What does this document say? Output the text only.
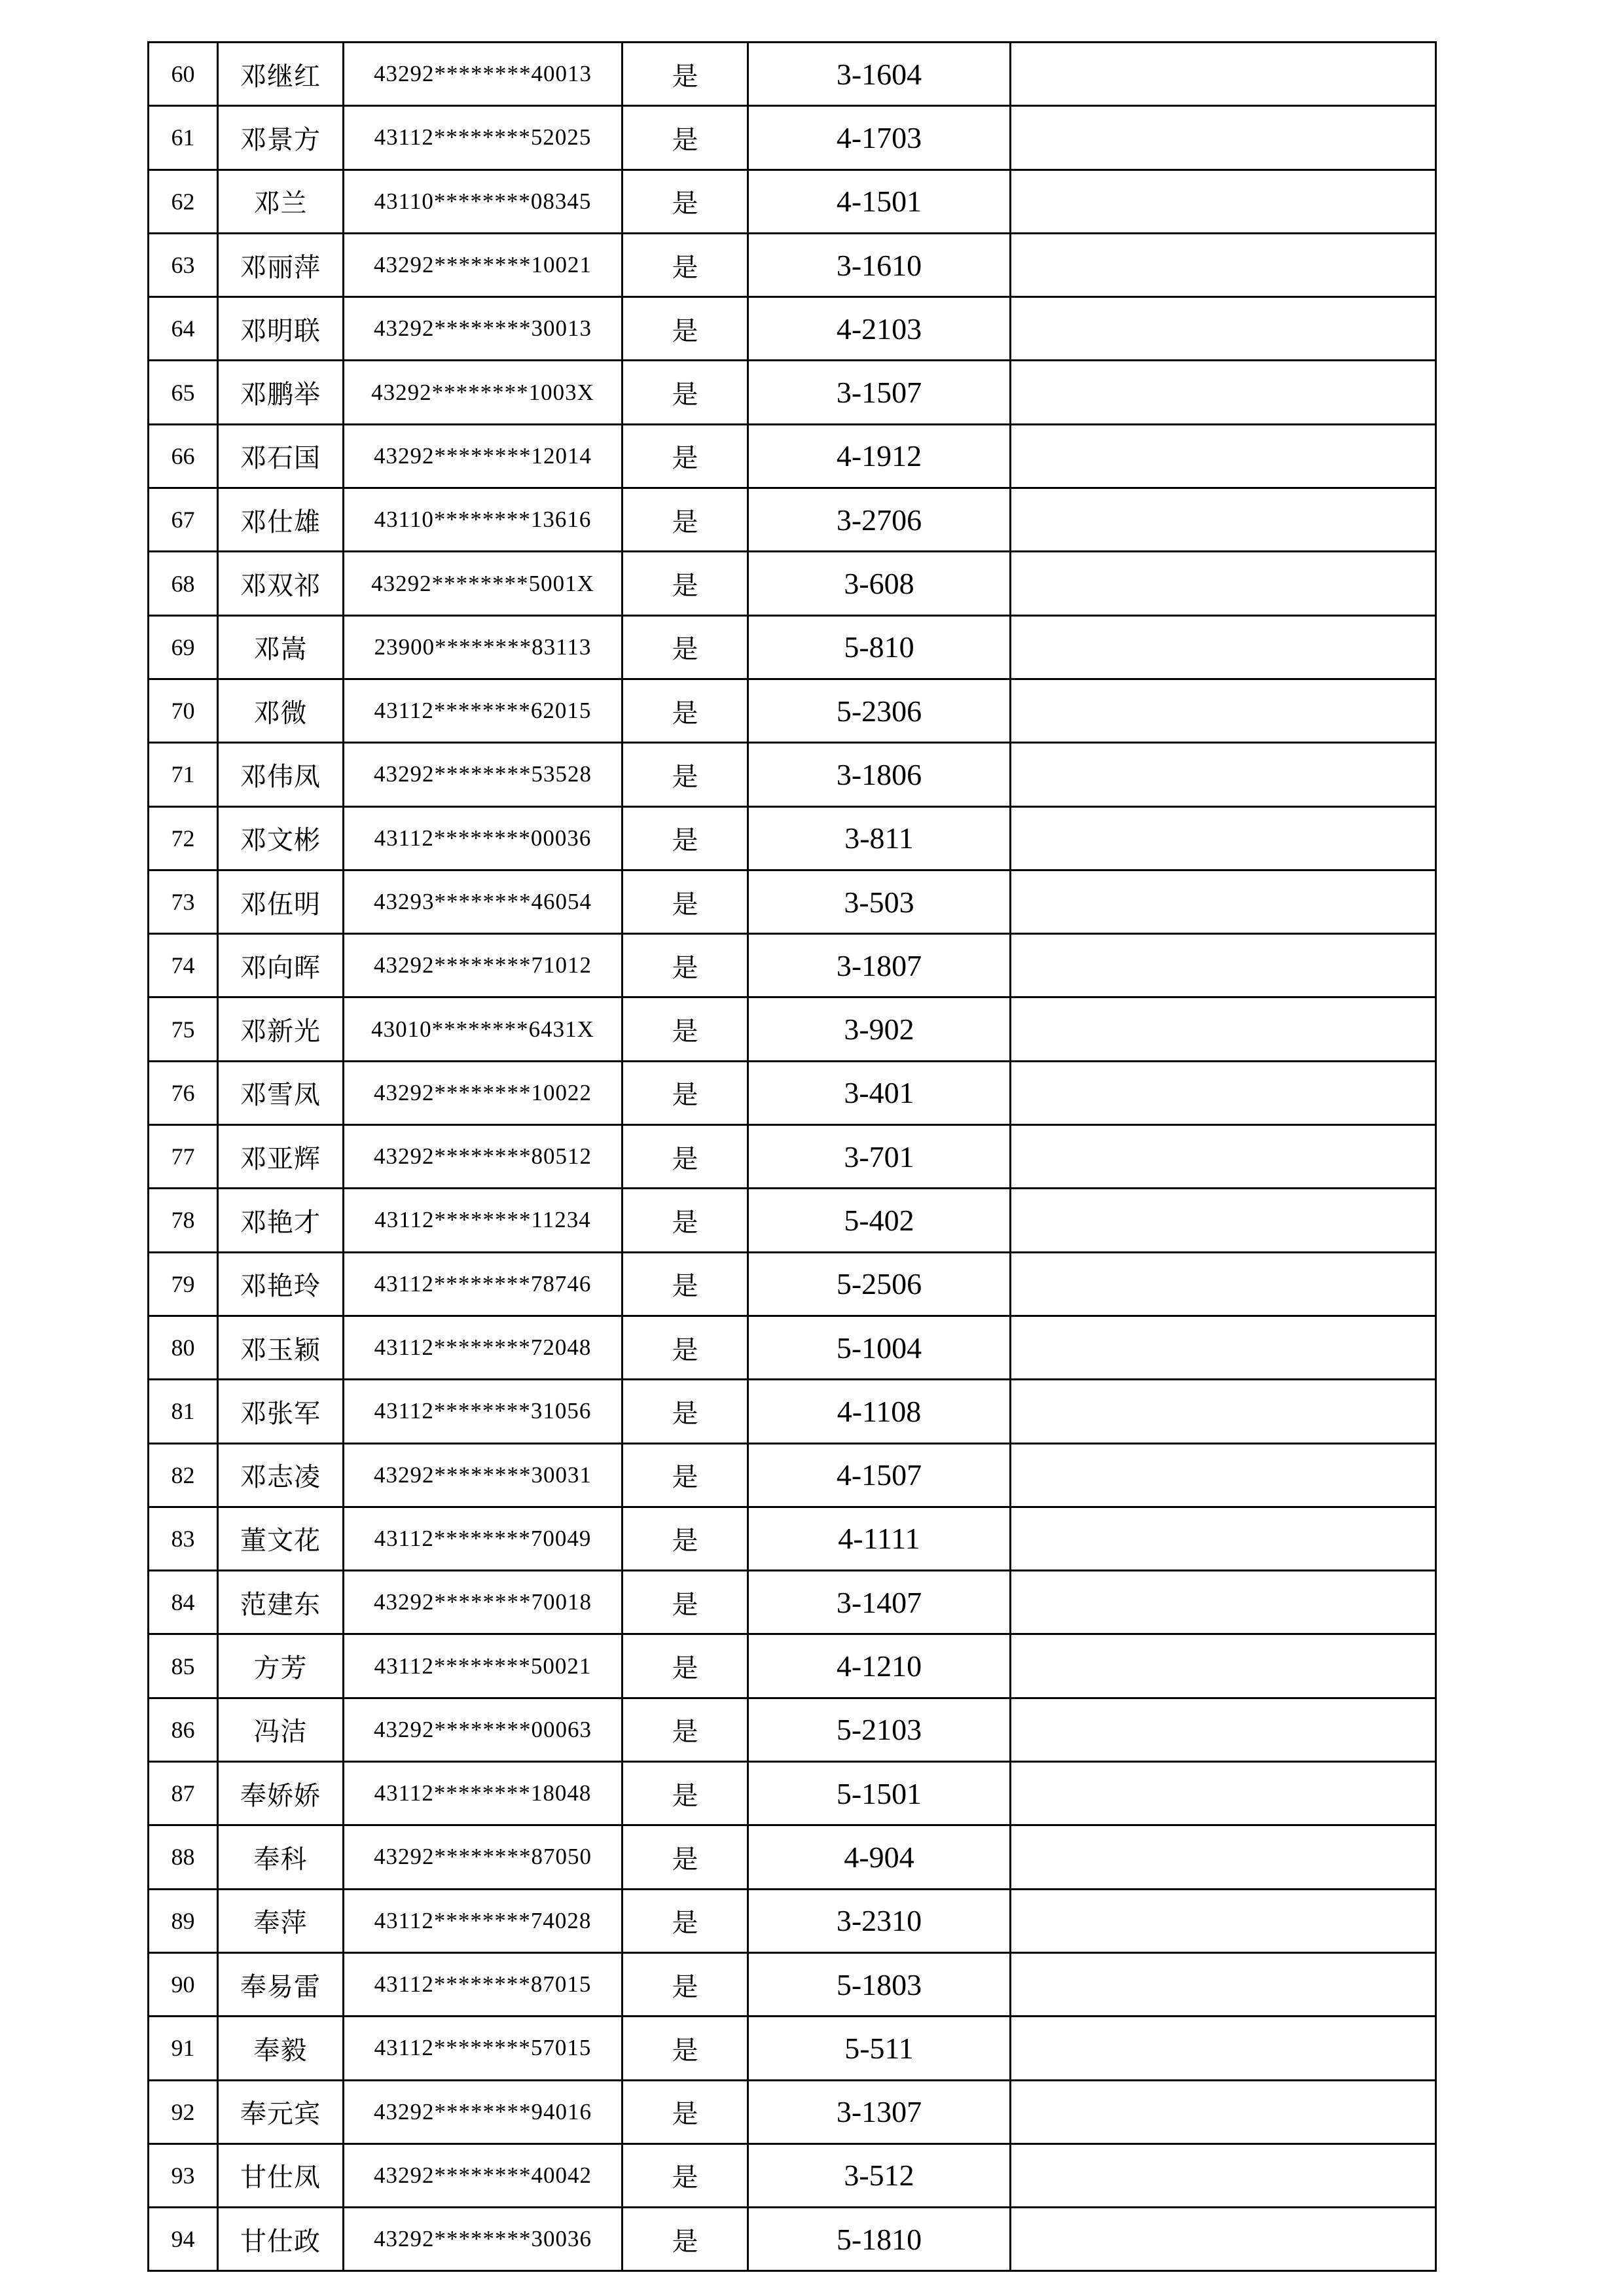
60	邓继红	43292********40013	是	3-1604	
61	邓景方	43112********52025	是	4-1703	
62	邓兰	43110********08345	是	4-1501	
63	邓丽萍	43292********10021	是	3-1610	
64	邓明联	43292********30013	是	4-2103	
65	邓鹏举	43292********1003X	是	3-1507	
66	邓石国	43292********12014	是	4-1912	
67	邓仕雄	43110********13616	是	3-2706	
68	邓双祁	43292********5001X	是	3-608	
69	邓嵩	23900********83113	是	5-810	
70	邓微	43112********62015	是	5-2306	
71	邓伟凤	43292********53528	是	3-1806	
72	邓文彬	43112********00036	是	3-811	
73	邓伍明	43293********46054	是	3-503	
74	邓向晖	43292********71012	是	3-1807	
75	邓新光	43010********6431X	是	3-902	
76	邓雪凤	43292********10022	是	3-401	
77	邓亚辉	43292********80512	是	3-701	
78	邓艳才	43112********11234	是	5-402	
79	邓艳玲	43112********78746	是	5-2506	
80	邓玉颖	43112********72048	是	5-1004	
81	邓张军	43112********31056	是	4-1108	
82	邓志凌	43292********30031	是	4-1507	
83	董文花	43112********70049	是	4-1111	
84	范建东	43292********70018	是	3-1407	
85	方芳	43112********50021	是	4-1210	
86	冯洁	43292********00063	是	5-2103	
87	奉娇娇	43112********18048	是	5-1501	
88	奉科	43292********87050	是	4-904	
89	奉萍	43112********74028	是	3-2310	
90	奉易雷	43112********87015	是	5-1803	
91	奉毅	43112********57015	是	5-511	
92	奉元宾	43292********94016	是	3-1307	
93	甘仕凤	43292********40042	是	3-512	
94	甘仕政	43292********30036	是	5-1810	
